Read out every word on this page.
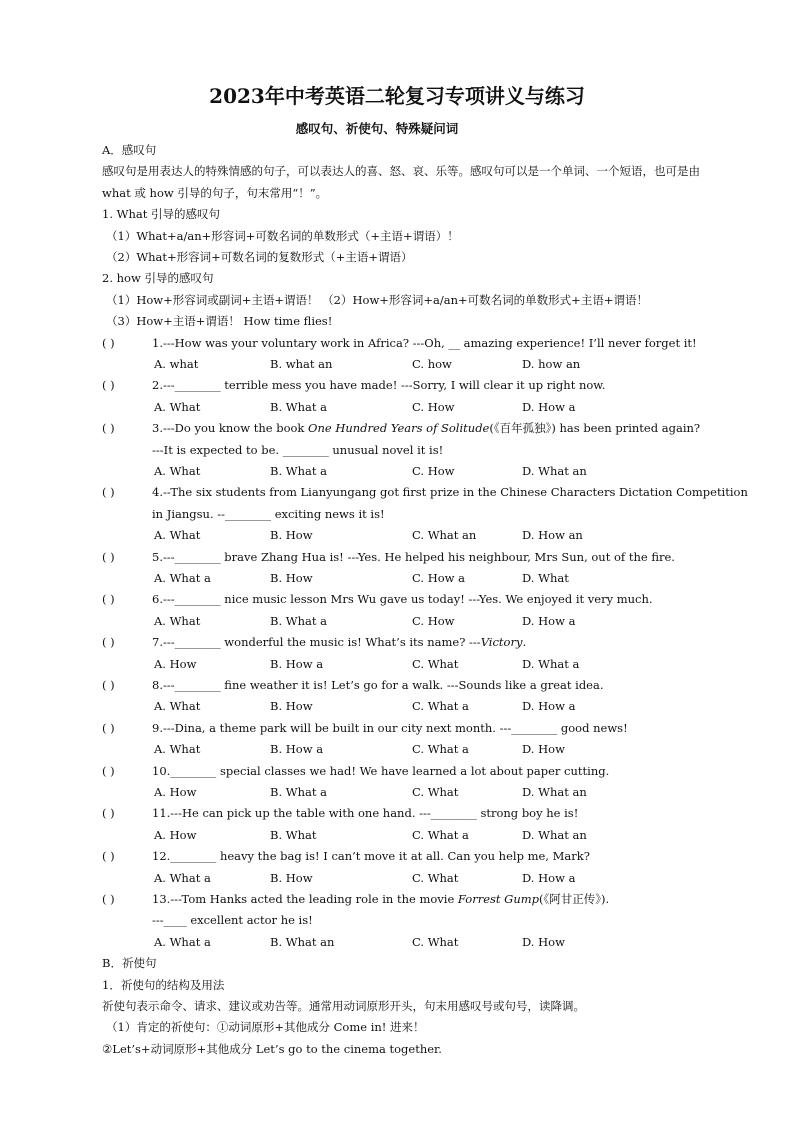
2023年中考英语二轮复习专项讲义与练习
感叹句、祈使句、特殊疑问词
A．感叹句
感叹句是用表达人的特殊情感的句子，可以表达人的喜、怒、哀、乐等。感叹句可以是一个单词、一个短语，也可是由 what 或 how 引导的句子，句末常用“！”。
1. What 引导的感叹句
（1）What+a/an+形容词+可数名词的单数形式（+主语+谓语）！
（2）What+形容词+可数名词的复数形式（+主语+谓语）
2. how 引导的感叹句
（1）How+形容词或副词+主语+谓语！ （2）How+形容词+a/an+可数名词的单数形式+主语+谓语！
（3）How+主语+谓语！ How time flies!
( )	1.---How was your voluntary work in Africa? ---Oh, __ amazing experience! I’ll never forget it!
A. what	B. what an	C. how	D. how an
( )	2.---________ terrible mess you have made! ---Sorry, I will clear it up right now.
A. What	B. What a	C. How	D. How a
( )	3.---Do you know the book One Hundred Years of Solitude(《百年孤独》) has been printed again?
---It is expected to be. ________ unusual novel it is!
A. What	B. What a	C. How	D. What an
( )	4.--The six students from Lianyungang got first prize in the Chinese Characters Dictation Competition
in Jiangsu. --________ exciting news it is!
A. What	B. How	C. What an	D. How an
( )	5.---________ brave Zhang Hua is! ---Yes. He helped his neighbour, Mrs Sun, out of the fire.
A. What a	B. How	C. How a	D. What
( )	6.---________ nice music lesson Mrs Wu gave us today! ---Yes. We enjoyed it very much.
A. What	B. What a	C. How	D. How a
( )	7.---________ wonderful the music is! What’s its name? ---Victory.
A. How	B. How a	C. What	D. What a
( )	8.---________ fine weather it is! Let’s go for a walk. ---Sounds like a great idea.
A. What	B. How	C. What a	D. How a
( )	9.---Dina, a theme park will be built in our city next month. ---________ good news!
A. What	B. How a	C. What a	D. How
( )	10.________ special classes we had! We have learned a lot about paper cutting.
A. How	B. What a	C. What	D. What an
( )	11.---He can pick up the table with one hand. ---________ strong boy he is!
A. How	B. What	C. What a	D. What an
( )	12.________ heavy the bag is! I can’t move it at all. Can you help me, Mark?
A. What a	B. How	C. What	D. How a
( )	13.---Tom Hanks acted the leading role in the movie Forrest Gump(《阿甘正传》).
---____ excellent actor he is!
A. What a	B. What an	C. What	D. How
B．祈使句
1．祈使句的结构及用法
祈使句表示命令、请求、建议或劝告等。通常用动词原形开头，句末用感叹号或句号，读降调。
（1）肯定的祈使句：①动词原形+其他成分 Come in! 进来！
②Let’s+动词原形+其他成分 Let’s go to the cinema together.
